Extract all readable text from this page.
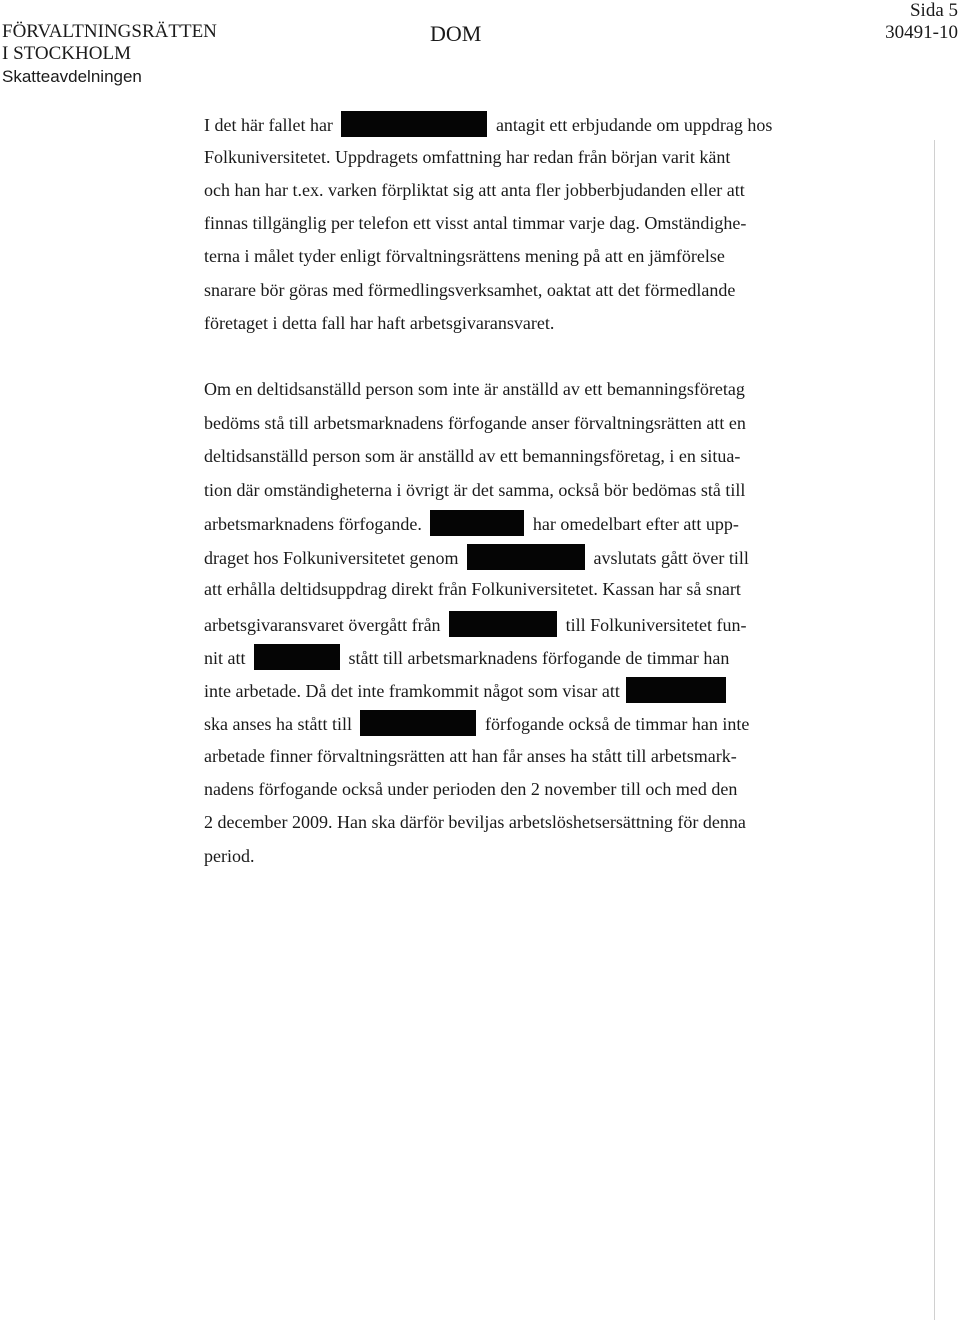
FÖRVALTNINGSRÄTTEN
I STOCKHOLM
Skatteavdelningen
DOM
Sida 5
30491-10
I det här fallet har	antagit ett erbjudande om uppdrag hos
Folkuniversitetet. Uppdragets omfattning har redan från början varit känt
och han har t.ex. varken förpliktat sig att anta fler jobberbjudanden eller att
finnas tillgänglig per telefon ett visst antal timmar varje dag. Omständighe-
terna i målet tyder enligt förvaltningsrättens mening på att en jämförelse
snarare bör göras med förmedlingsverksamhet, oaktat att det förmedlande
företaget i detta fall har haft arbetsgivaransvaret.
Om en deltidsanställd person som inte är anställd av ett bemanningsföretag
bedöms stå till arbetsmarknadens förfogande anser förvaltningsrätten att en
deltidsanställd person som är anställd av ett bemanningsföretag, i en situa-
tion där omständigheterna i övrigt är det samma, också bör bedömas stå till
arbetsmarknadens förfogande.	har omedelbart efter att upp-
draget hos Folkuniversitetet genom	avslutats gått över till
att erhålla deltidsuppdrag direkt från Folkuniversitetet. Kassan har så snart
arbetsgivaransvaret övergått från	till Folkuniversitetet fun-
nit att	stått till arbetsmarknadens förfogande de timmar han
inte arbetade. Då det inte framkommit något som visar att
ska anses ha stått till	förfogande också de timmar han inte
arbetade finner förvaltningsrätten att han får anses ha stått till arbetsmark-
nadens förfogande också under perioden den 2 november till och med den
2 december 2009. Han ska därför beviljas arbetslöshetsersättning för denna
period.
